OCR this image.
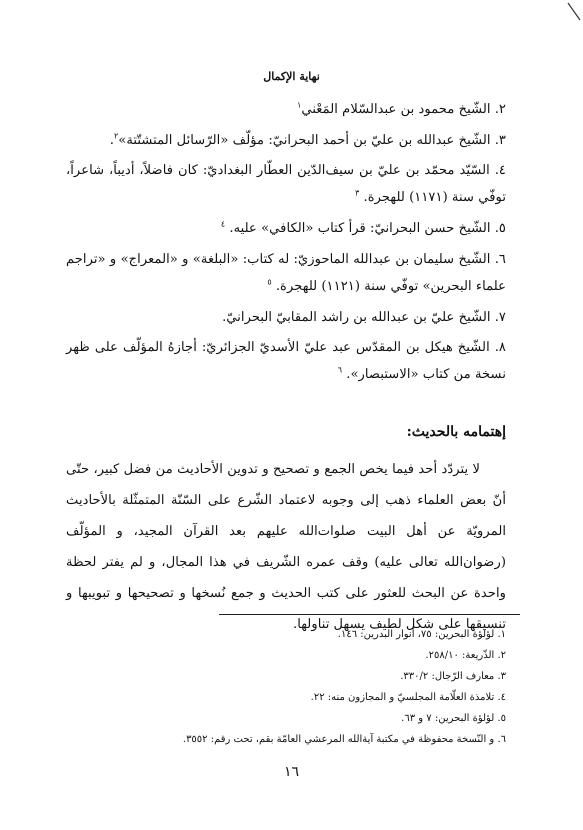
نهاية الإكمال
٢. الشّيخ محمود بن عبدالسّلام المَعْني$^١$
٣. الشّيخ عبدالله بن عليّ بن أحمد البحرانيّ: مؤلّف «الرّسائل المتشتّتة»$^٢$.
٤. السّيّد محمّد بن عليّ بن سيف‌الدّين العطّار البغداديّ: كان فاضلاً، أديباً، شاعراً، توفّي سنة (١١٧١) للهجرة. $^٣$
٥. الشّيخ حسن البحرانيّ: قرأ كتاب «الكافي» عليه. $^٤$
٦. الشّيخ سليمان بن عبدالله الماحوزيّ: له كتاب: «البلغة» و «المعراج» و «تراجم علماء البحرين» توفّي سنة (١١٢١) للهجرة. $^٥$
٧. الشّيخ عليّ بن عبدالله بن راشد المقابيّ البحرانيّ.
٨. الشّيخ هيكل بن المقدّس عبد عليّ الأسديّ الجزائريّ: أجازهُ المؤلّف على ظهر نسخة من كتاب «الاستبصار». $^٦$
إهتمامه بالحديث:

لا يتردّد أحد فيما يخص الجمع و تصحيح و تدوين الأحاديث من فضل كبير، حتّى أنّ بعض العلماء ذهب إلى وجوبه لاعتماد الشّرع على السّنّة المتمثّلة بالأحاديث المرويّة عن أهل البيت صلوات‌الله عليهم بعد القرآن المجيد، و المؤلّف (رضوان‌الله تعالى عليه) وقف عمره الشّريف في هذا المجال، و لم يفتر لحظة واحدة عن البحث للعثور على كتب الحديث و جمع نُسخها و تصحيحها و تبويبها و تنسيقها على شكل لطيف يسهل تناولها.

١. لؤلؤة البحرين: ٧٥، أنوار البدرين: ١٤٦.
٢. الذّريعة: ٢٥٨/١٠.
٣. معارف الرّجال: ٣٣٠/٢.
٤. تلامذة العلّامة المجلسيّ و المجازون منه: ٢٢.
٥. لؤلؤة البحرين: ٧ و ٦٣.
٦. و النّسخة محفوظة في مكتبة آية‌الله المرعشي العامّة بقم، تحت رقم: ٣٥٥٢.
١٦
